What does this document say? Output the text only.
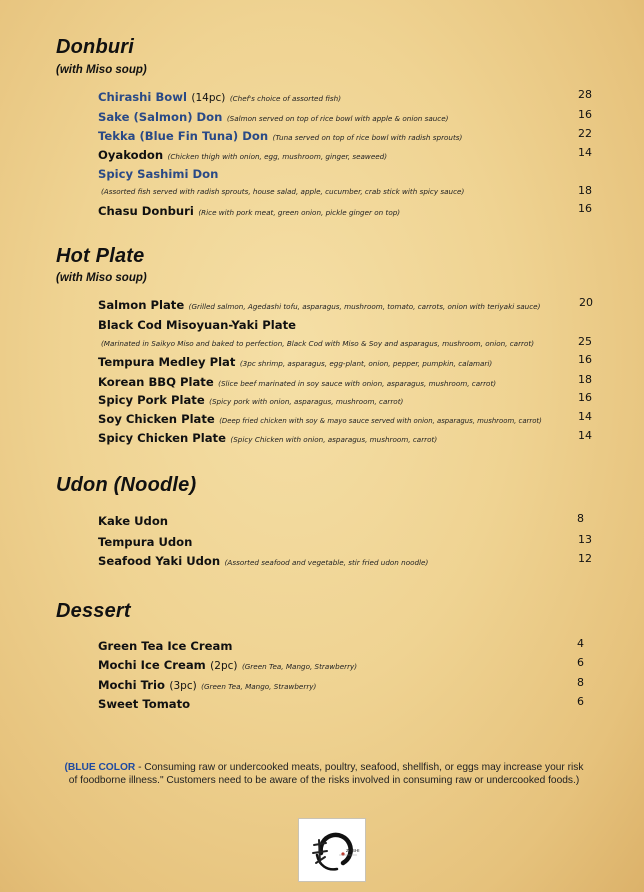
Donburi
(with Miso soup)
Chirashi Bowl (14pc) (Chef's choice of assorted fish)	28
Sake (Salmon) Don (Salmon served on top of rice bowl with apple & onion sauce)	16
Tekka (Blue Fin Tuna) Don (Tuna served on top of rice bowl with radish sprouts)	22
Oyakodon (Chicken thigh with onion, egg, mushroom, ginger, seaweed)	14
Spicy Sashimi Don
(Assorted fish served with radish sprouts, house salad, apple, cucumber, crab stick with spicy sauce)	18
Chasu Donburi (Rice with pork meat, green onion, pickle ginger on top)	16
Hot Plate
(with Miso soup)
Salmon Plate (Grilled salmon, Agedashi tofu, asparagus, mushroom, tomato, carrots, onion with teriyaki sauce)	20
Black Cod Misoyuan-Yaki Plate
(Marinated in Saikyo Miso and baked to perfection, Black Cod with Miso & Soy and asparagus, mushroom, onion, carrot)	25
Tempura Medley Plat (3pc shrimp, asparagus, egg-plant, onion, pepper, pumpkin, calamari)	16
Korean BBQ Plate (Slice beef marinated in soy sauce with onion, asparagus, mushroom, carrot)	18
Spicy Pork Plate (Spicy pork with onion, asparagus, mushroom, carrot)	16
Soy Chicken Plate (Deep fried chicken with soy & mayo sauce served with onion, asparagus, mushroom, carrot)	14
Spicy Chicken Plate (Spicy Chicken with onion, asparagus, mushroom, carrot)	14
Udon (Noodle)
Kake Udon	8
Tempura Udon	13
Seafood Yaki Udon (Assorted seafood and vegetable, stir fried udon noodle)	12
Dessert
Green Tea Ice Cream	4
Mochi Ice Cream (2pc) (Green Tea, Mango, Strawberry)	6
Mochi Trio (3pc) (Green Tea, Mango, Strawberry)	8
Sweet Tomato	6
(BLUE COLOR - Consuming raw or undercooked meats, poultry, seafood, shellfish, or eggs may increase your risk of foodborne illness." Customers need to be aware of the risks involved in consuming raw or undercooked foods.)
ZUSHI
